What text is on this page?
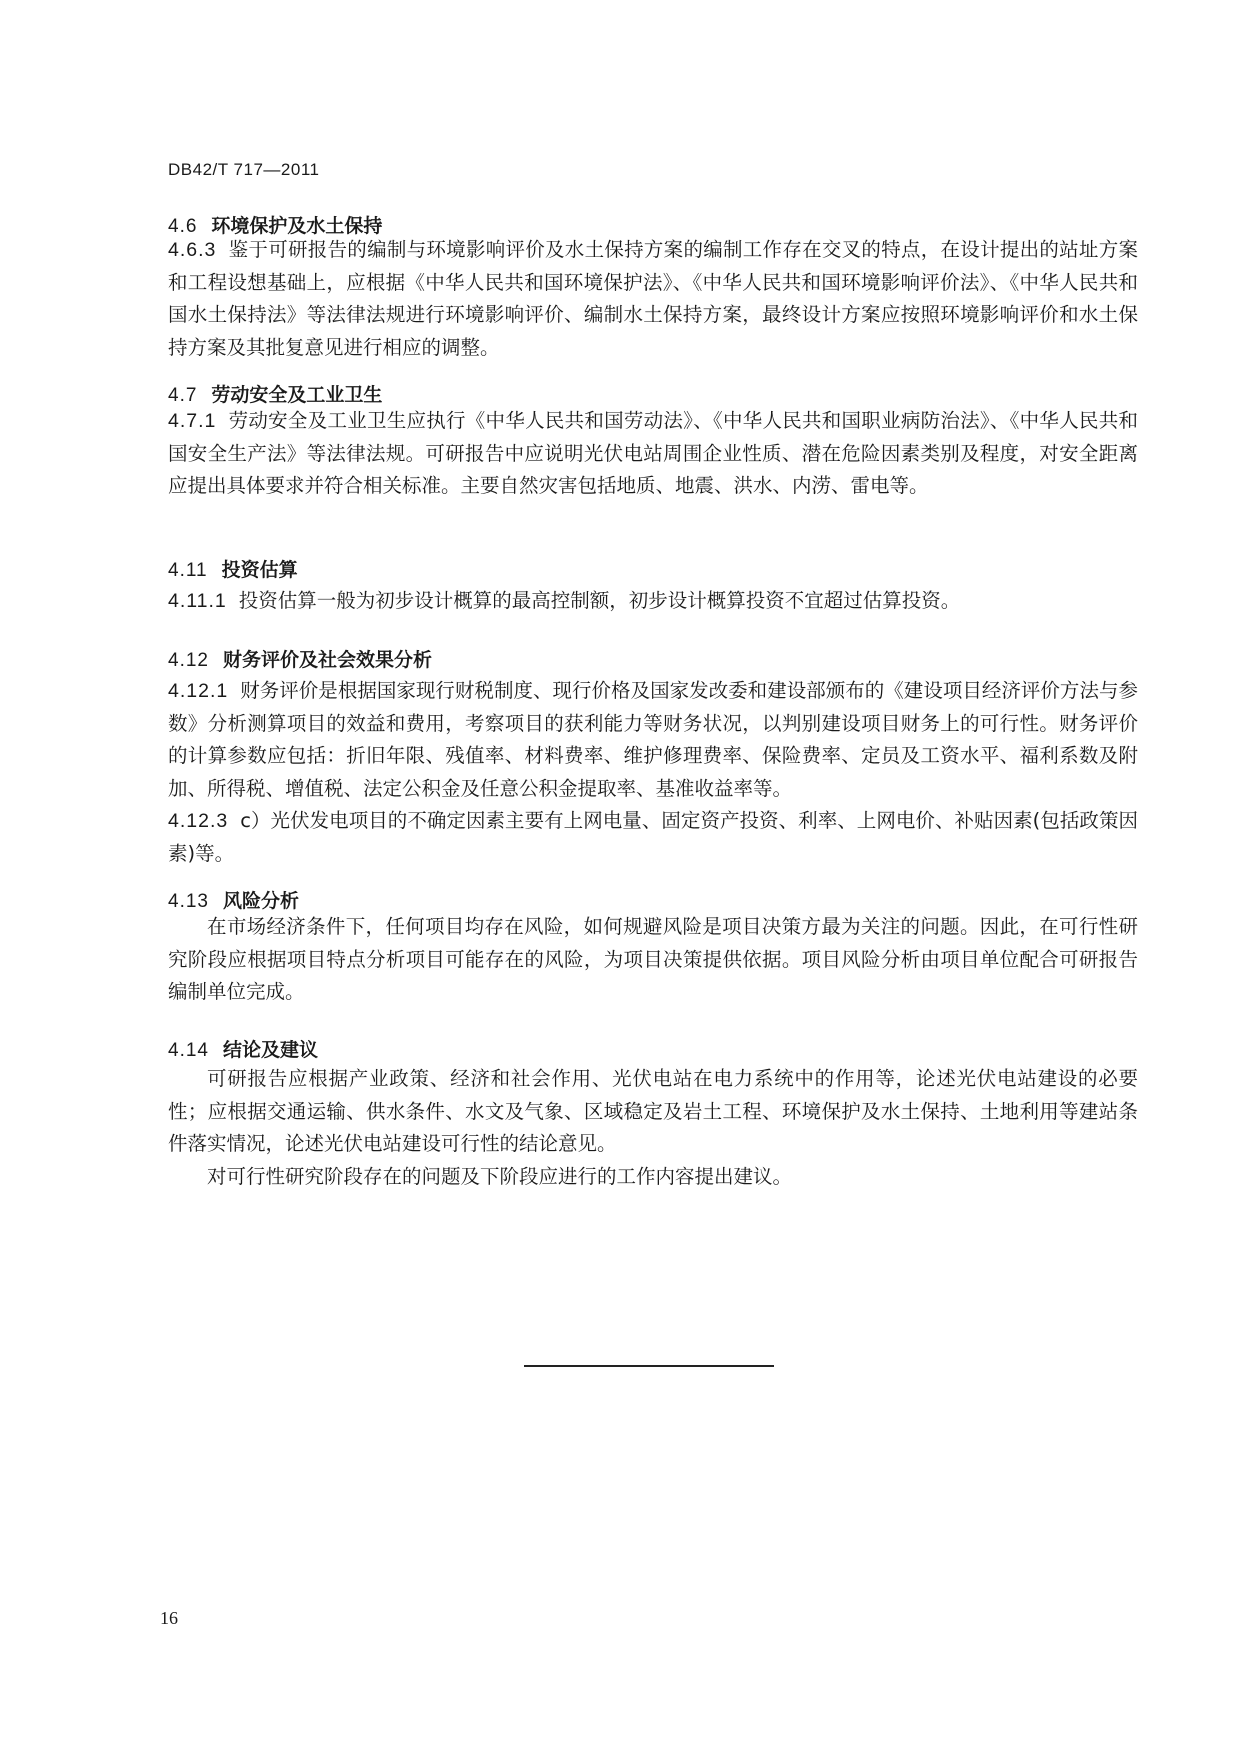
DB42/T 717—2011

4.6 环境保护及水土保持

4.6.3 鉴于可研报告的编制与环境影响评价及水土保持方案的编制工作存在交叉的特点，在设计提出的站址方案和工程设想基础上，应根据《中华人民共和国环境保护法》、《中华人民共和国环境影响评价法》、《中华人民共和国水土保持法》等法律法规进行环境影响评价、编制水土保持方案，最终设计方案应按照环境影响评价和水土保持方案及其批复意见进行相应的调整。

4.7 劳动安全及工业卫生

4.7.1 劳动安全及工业卫生应执行《中华人民共和国劳动法》、《中华人民共和国职业病防治法》、《中华人民共和国安全生产法》等法律法规。可研报告中应说明光伏电站周围企业性质、潜在危险因素类别及程度，对安全距离应提出具体要求并符合相关标准。主要自然灾害包括地质、地震、洪水、内涝、雷电等。

4.11 投资估算

4.11.1 投资估算一般为初步设计概算的最高控制额，初步设计概算投资不宜超过估算投资。

4.12 财务评价及社会效果分析

4.12.1 财务评价是根据国家现行财税制度、现行价格及国家发改委和建设部颁布的《建设项目经济评价方法与参数》分析测算项目的效益和费用，考察项目的获利能力等财务状况，以判别建设项目财务上的可行性。财务评价的计算参数应包括：折旧年限、残值率、材料费率、维护修理费率、保险费率、定员及工资水平、福利系数及附加、所得税、增值税、法定公积金及任意公积金提取率、基准收益率等。

4.12.3 c）光伏发电项目的不确定因素主要有上网电量、固定资产投资、利率、上网电价、补贴因素(包括政策因素)等。

4.13 风险分析

在市场经济条件下，任何项目均存在风险，如何规避风险是项目决策方最为关注的问题。因此，在可行性研究阶段应根据项目特点分析项目可能存在的风险，为项目决策提供依据。项目风险分析由项目单位配合可研报告编制单位完成。

4.14 结论及建议

可研报告应根据产业政策、经济和社会作用、光伏电站在电力系统中的作用等，论述光伏电站建设的必要性；应根据交通运输、供水条件、水文及气象、区域稳定及岩土工程、环境保护及水土保持、土地利用等建站条件落实情况，论述光伏电站建设可行性的结论意见。

对可行性研究阶段存在的问题及下阶段应进行的工作内容提出建议。

16
